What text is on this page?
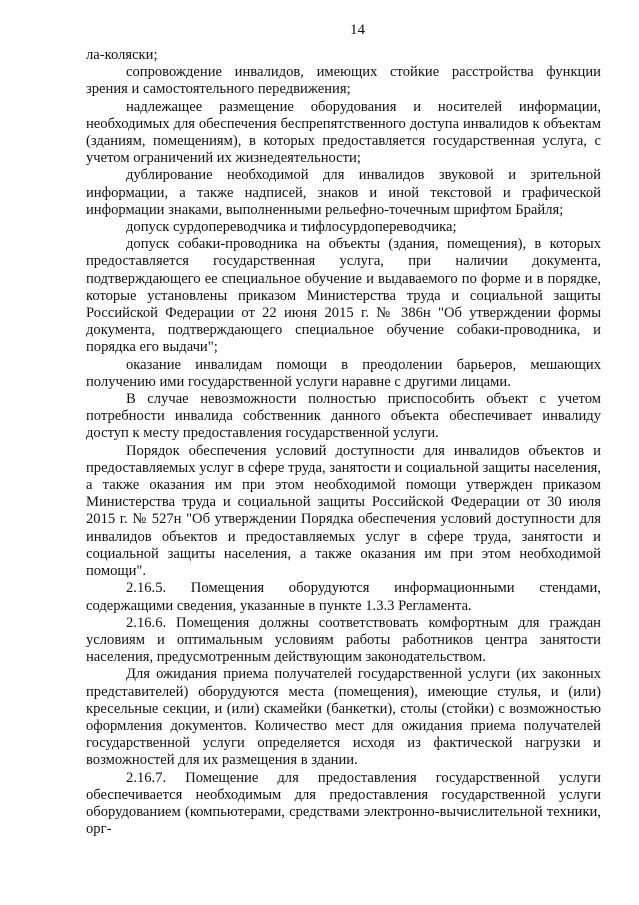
14

ла-коляски;

сопровождение инвалидов, имеющих стойкие расстройства функции зрения и самостоятельного передвижения;

надлежащее размещение оборудования и носителей информации, необходимых для обеспечения беспрепятственного доступа инвалидов к объектам (зданиям, помещениям), в которых предоставляется государственная услуга, с учетом ограничений их жизнедеятельности;

дублирование необходимой для инвалидов звуковой и зрительной информации, а также надписей, знаков и иной текстовой и графической информации знаками, выполненными рельефно-точечным шрифтом Брайля;

допуск сурдопереводчика и тифлосурдопереводчика;

допуск собаки-проводника на объекты (здания, помещения), в которых предоставляется государственная услуга, при наличии документа, подтверждающего ее специальное обучение и выдаваемого по форме и в порядке, которые установлены приказом Министерства труда и социальной защиты Российской Федерации от 22 июня 2015 г. № 386н "Об утверждении формы документа, подтверждающего специальное обучение собаки-проводника, и порядка его выдачи";

оказание инвалидам помощи в преодолении барьеров, мешающих получению ими государственной услуги наравне с другими лицами.

В случае невозможности полностью приспособить объект с учетом потребности инвалида собственник данного объекта обеспечивает инвалиду доступ к месту предоставления государственной услуги.

Порядок обеспечения условий доступности для инвалидов объектов и предоставляемых услуг в сфере труда, занятости и социальной защиты населения, а также оказания им при этом необходимой помощи утвержден приказом Министерства труда и социальной защиты Российской Федерации от 30 июля 2015 г. № 527н "Об утверждении Порядка обеспечения условий доступности для инвалидов объектов и предоставляемых услуг в сфере труда, занятости и социальной защиты населения, а также оказания им при этом необходимой помощи".

2.16.5. Помещения оборудуются информационными стендами, содержащими сведения, указанные в пункте 1.3.3 Регламента.

2.16.6. Помещения должны соответствовать комфортным для граждан условиям и оптимальным условиям работы работников центра занятости населения, предусмотренным действующим законодательством.

Для ожидания приема получателей государственной услуги (их законных представителей) оборудуются места (помещения), имеющие стулья, и (или) кресельные секции, и (или) скамейки (банкетки), столы (стойки) с возможностью оформления документов. Количество мест для ожидания приема получателей государственной услуги определяется исходя из фактической нагрузки и возможностей для их размещения в здании.

2.16.7. Помещение для предоставления государственной услуги обеспечивается необходимым для предоставления государственной услуги оборудованием (компьютерами, средствами электронно-вычислительной техники, орг-
